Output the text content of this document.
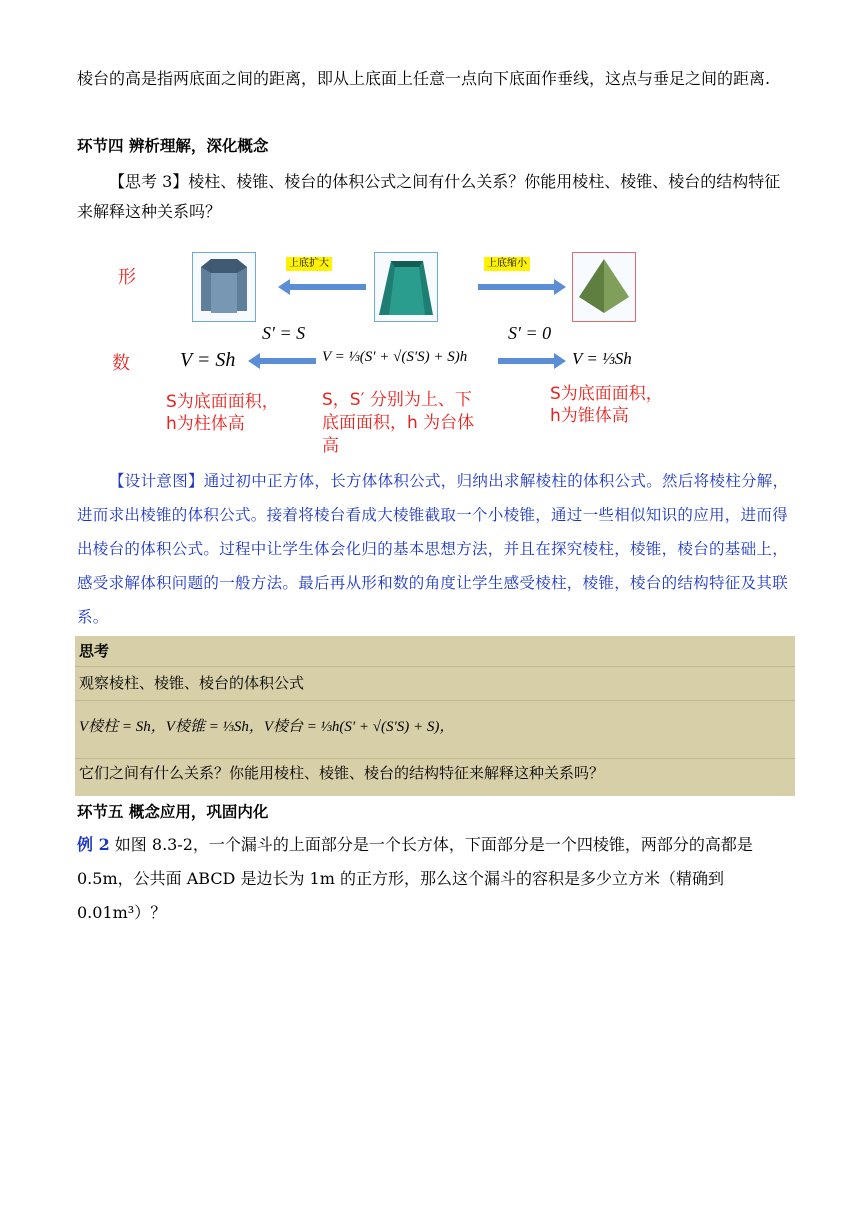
棱台的高是指两底面之间的距离，即从上底面上任意一点向下底面作垂线，这点与垂足之间的距离.
环节四 辨析理解，深化概念
【思考 3】棱柱、棱锥、棱台的体积公式之间有什么关系？你能用棱柱、棱锥、棱台的结构特征来解释这种关系吗？
形
数
上底扩大	上底缩小
S′ = S	S′ = 0
V = Sh	V = ⅓(S′ + √(S′S) + S)h	V = ⅓Sh
S为底面面积，
h为柱体高
S，S′ 分别为上、下
底面面积，h 为台体
高
S为底面面积，
h为锥体高
【设计意图】通过初中正方体，长方体体积公式，归纳出求解棱柱的体积公式。然后将棱柱分解，进而求出棱锥的体积公式。接着将棱台看成大棱锥截取一个小棱锥，通过一些相似知识的应用，进而得出棱台的体积公式。过程中让学生体会化归的基本思想方法，并且在探究棱柱，棱锥，棱台的基础上，感受求解体积问题的一般方法。最后再从形和数的角度让学生感受棱柱，棱锥，棱台的结构特征及其联系。
思考
观察棱柱、棱锥、棱台的体积公式
V棱柱 = Sh，V棱锥 = ⅓Sh，V棱台 = ⅓h(S′ + √(S′S) + S)，
它们之间有什么关系？你能用棱柱、棱锥、棱台的结构特征来解释这种关系吗？
环节五 概念应用，巩固内化
例 2 如图 8.3-2，一个漏斗的上面部分是一个长方体，下面部分是一个四棱锥，两部分的高都是 0.5m，公共面 ABCD 是边长为 1m 的正方形，那么这个漏斗的容积是多少立方米（精确到 0.01m³）？
